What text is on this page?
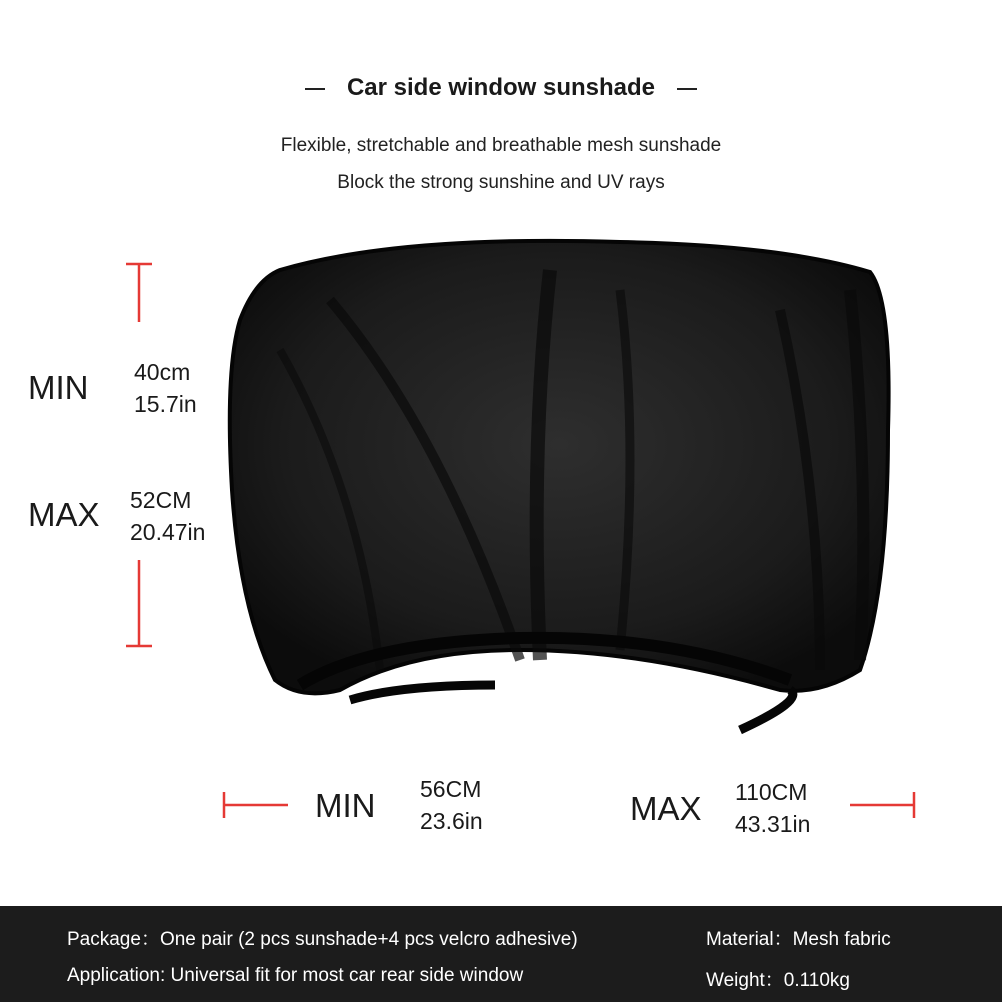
Car side window sunshade
Flexible, stretchable and breathable mesh sunshade
Block the strong sunshine and UV rays
MIN 40cm
15.7in
MAX 52CM
20.47in
MIN 56CM
23.6in	MAX 110CM
43.31in
Package：One pair (2 pcs sunshade+4 pcs velcro adhesive)
Application: Universal fit for most car rear side window
Material：Mesh fabric
Weight：0.110kg
